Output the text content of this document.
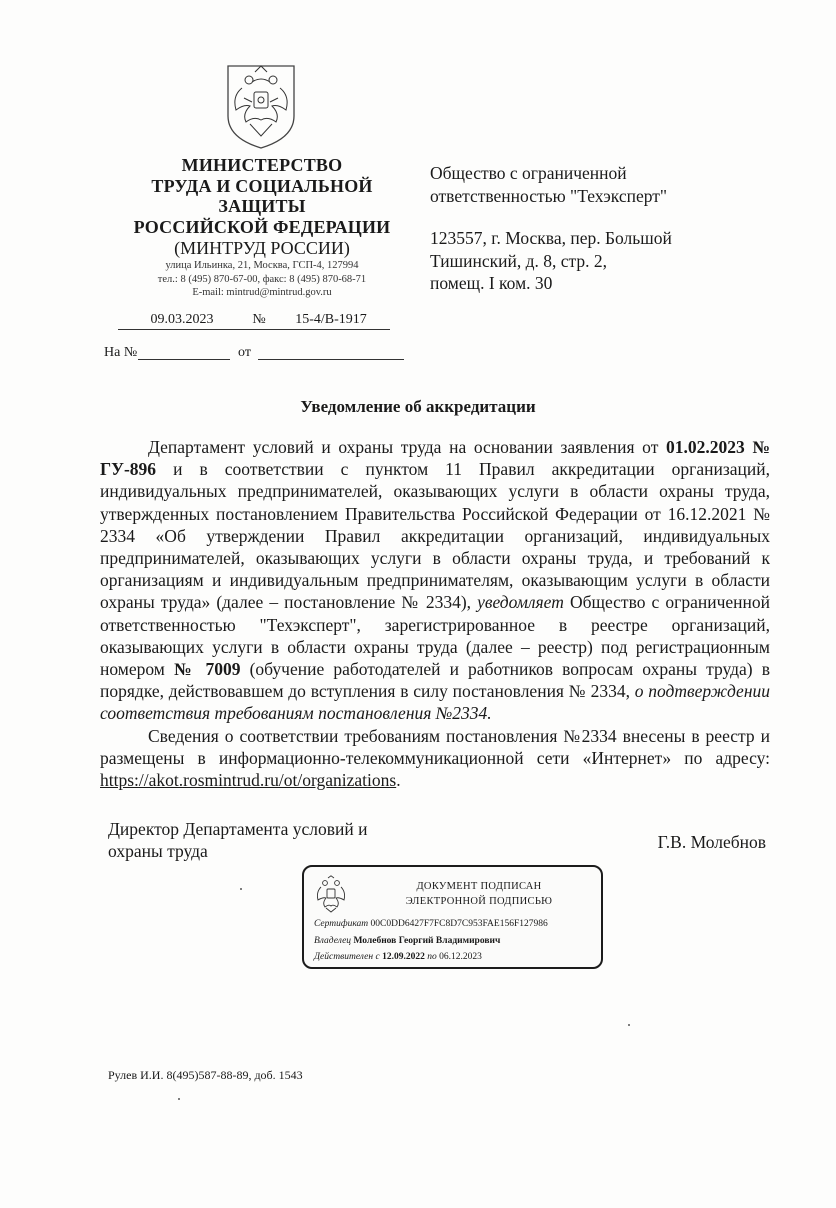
МИНИСТЕРСТВО
ТРУДА И СОЦИАЛЬНОЙ
ЗАЩИТЫ
РОССИЙСКОЙ ФЕДЕРАЦИИ
(МИНТРУД РОССИИ)
улица Ильинка, 21, Москва, ГСП-4, 127994
тел.: 8 (495) 870-67-00, факс: 8 (495) 870-68-71
E-mail: mintrud@mintrud.gov.ru
09.03.2023	№	15-4/В-1917
На №	от
Общество с ограниченной
ответственностью "Техэксперт"
123557, г. Москва, пер. Большой
Тишинский, д. 8, стр. 2,
помещ. I ком. 30
Уведомление об аккредитации

Департамент условий и охраны труда на основании заявления от 01.02.2023 № ГУ-896 и в соответствии с пунктом 11 Правил аккредитации организаций, индивидуальных предпринимателей, оказывающих услуги в области охраны труда, утвержденных постановлением Правительства Российской Федерации от 16.12.2021 № 2334 «Об утверждении Правил аккредитации организаций, индивидуальных предпринимателей, оказывающих услуги в области охраны труда, и требований к организациям и индивидуальным предпринимателям, оказывающим услуги в области охраны труда» (далее – постановление № 2334), уведомляет Общество с ограниченной ответственностью "Техэксперт", зарегистрированное в реестре организаций, оказывающих услуги в области охраны труда (далее – реестр) под регистрационным номером № 7009 (обучение работодателей и работников вопросам охраны труда) в порядке, действовавшем до вступления в силу постановления № 2334, о подтверждении соответствия требованиям постановления №2334.

Сведения о соответствии требованиям постановления №2334 внесены в реестр и размещены в информационно-телекоммуникационной сети «Интернет» по адресу: https://akot.rosmintrud.ru/ot/organizations.

Директор Департамента условий и
охраны труда	Г.В. Молебнов
ДОКУМЕНТ ПОДПИСАН
ЭЛЕКТРОННОЙ ПОДПИСЬЮ
Сертификат 00C0DD6427F7FC8D7C953FAE156F127986
Владелец Молебнов Георгий Владимирович
Действителен с 12.09.2022 по 06.12.2023
Рулев И.И. 8(495)587-88-89, доб. 1543
